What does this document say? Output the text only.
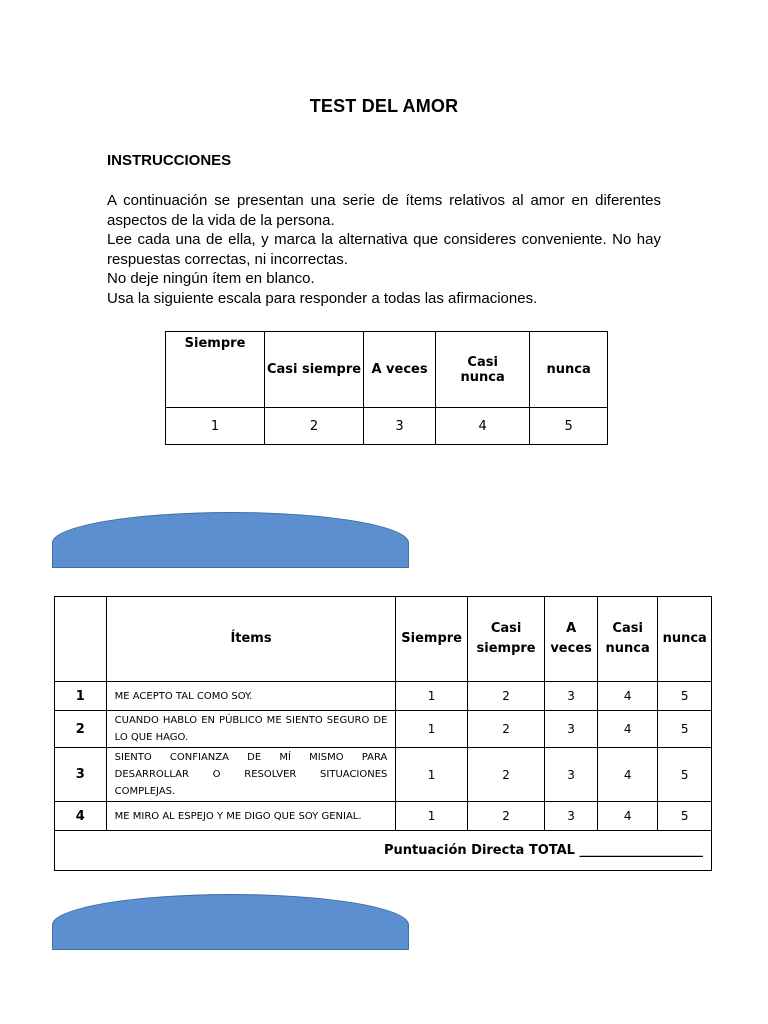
TEST DEL AMOR
INSTRUCCIONES

A continuación se presentan una serie de ítems relativos al amor en diferentes aspectos de la vida de la persona.

Lee cada una de ella, y marca la alternativa que consideres conveniente. No hay respuestas correctas, ni incorrectas.

No deje ningún ítem en blanco.

Usa la siguiente escala para responder a todas las afirmaciones.

Siempre	Casi siempre	A veces	Casi nunca	nunca
1	2	3	4	5
	Ítems	Siempre	Casi siempre	A veces	Casi nunca	nunca
1	ME ACEPTO TAL COMO SOY.	1	2	3	4	5
2	CUANDO HABLO EN PÚBLICO ME SIENTO SEGURO DE LO QUE HAGO.	1	2	3	4	5
3	SIENTO CONFIANZA DE MÍ MISMO PARA DESARROLLAR O RESOLVER SITUACIONES COMPLEJAS.	1	2	3	4	5
4	ME MIRO AL ESPEJO Y ME DIGO QUE SOY GENIAL.	1	2	3	4	5
Puntuación Directa TOTAL ___________________						
